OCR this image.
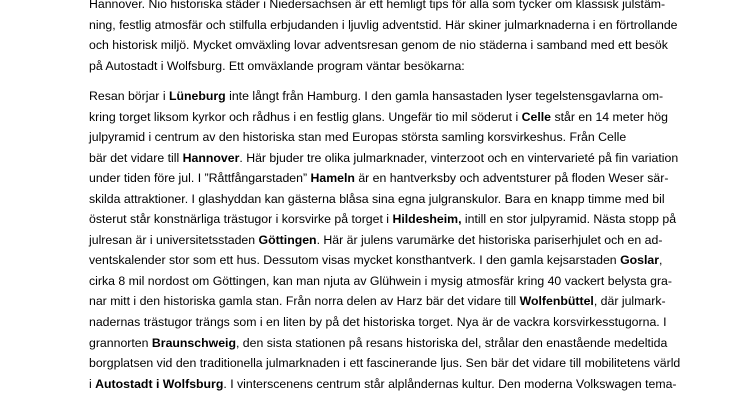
Hannover. Nio historiska städer i Niedersachsen är ett hemligt tips för alla som tycker om klassisk julstäm-
ning, festlig atmosfär och stilfulla erbjudanden i ljuvlig adventstid. Här skiner julmarknaderna i en förtrollande
och historisk miljö. Mycket omväxling lovar adventsresan genom de nio städerna i samband med ett besök
på Autostadt i Wolfsburg. Ett omväxlande program väntar besökarna:
Resan börjar i Lüneburg inte långt från Hamburg. I den gamla hansastaden lyser tegelstensgavlarna om-
kring torget liksom kyrkor och rådhus i en festlig glans. Ungefär tio mil söderut i Celle står en 14 meter hög
julpyramid i centrum av den historiska stan med Europas största samling korsvirkeshus. Från Celle
bär det vidare till Hannover. Här bjuder tre olika julmarknader, vinterzoot och en vintervarieté på fin variation
under tiden före jul. I ”Råttfångarstaden” Hameln är en hantverksby och adventsturer på floden Weser sär-
skilda attraktioner. I glashyddan kan gästerna blåsa sina egna julgranskulor. Bara en knapp timme med bil
österut står konstnärliga trästugor i korsvirke på torget i Hildesheim, intill en stor julpyramid. Nästa stopp på
julresan är i universitetsstaden Göttingen. Här är julens varumärke det historiska pariserhjulet och en ad-
ventskalender stor som ett hus. Dessutom visas mycket konsthantverk. I den gamla kejsarstaden Goslar,
cirka 8 mil nordost om Göttingen, kan man njuta av Glühwein i mysig atmosfär kring 40 vackert belysta gra-
nar mitt i den historiska gamla stan. Från norra delen av Harz bär det vidare till Wolfenbüttel, där julmark-
nadernas trästugor trängs som i en liten by på det historiska torget. Nya är de vackra korsvirkesstugorna. I
grannorten Braunschweig, den sista stationen på resans historiska del, strålar den enastående medeltida
borgplatsen vid den traditionella julmarknaden i ett fascinerande ljus. Sen bär det vidare till mobilitetens värld
i Autostadt i Wolfsburg. I vinterscenens centrum står alplåndernas kultur. Den moderna Volkswagen tema-
